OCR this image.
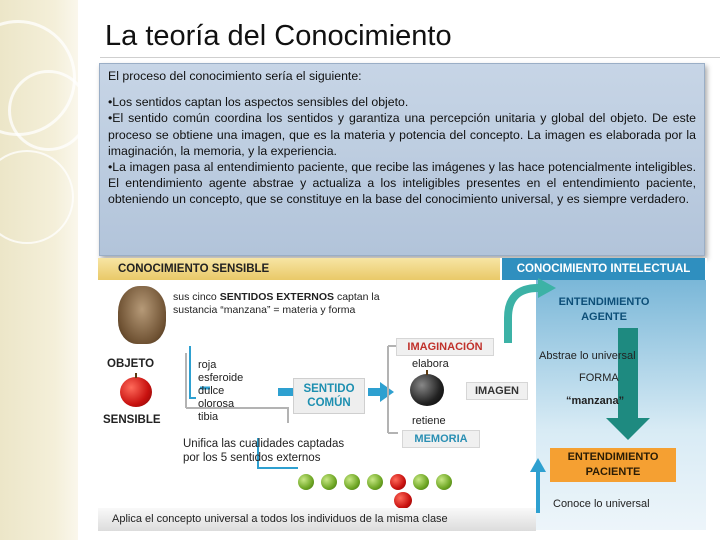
La teoría del Conocimiento

El proceso del conocimiento sería el siguiente:

•Los sentidos captan los aspectos sensibles del objeto.

•El sentido común coordina los sentidos y garantiza una percepción unitaria y global del objeto. De este proceso se obtiene una imagen, que es la materia y potencia del concepto. La imagen es elaborada por la imaginación, la memoria, y la experiencia.

•La imagen pasa al entendimiento paciente, que recibe las imágenes y las hace potencialmente inteligibles. El entendimiento agente abstrae y actualiza a los inteligibles presentes en el entendimiento paciente, obteniendo un concepto, que se constituye en la base del conocimiento universal, y es siempre verdadero.

CONOCIMIENTO SENSIBLE	CONOCIMIENTO INTELECTUAL
sus cinco SENTIDOS EXTERNOS captan la
sustancia “manzana” = materia y forma
OBJETO
SENSIBLE
roja
esferoide
dulce
olorosa
tibia
SENTIDO
COMÚN
Unifica las cualidades captadas
por los 5 sentidos externos
IMAGINACIÓN
elabora
IMAGEN
retiene
MEMORIA
ENTENDIMIENTO
AGENTE
Abstrae lo universal
FORMA
“manzana”
ENTENDIMIENTO
PACIENTE
Conoce lo universal
Aplica el concepto universal a todos los individuos de la misma clase
